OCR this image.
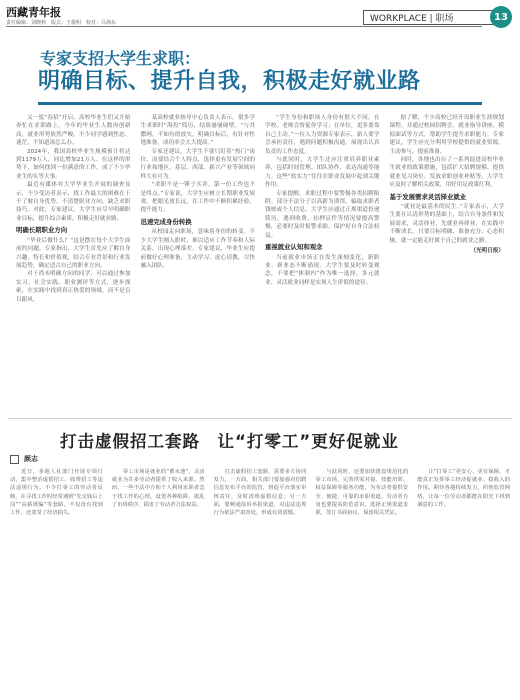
西藏青年报
责任编辑：刘晓莉　版式：王俊明　校对：吕海东	WORKPLACE | 职场	13
专家支招大学生求职：
明确目标、提升自我，积极走好就业路

又一度“春招”开启。高校毕业生们又开始奔忙在求职路上。今年的毕业生人数再创新高，就业形势依然严峻，不少同学感到焦虑、迷茫，不知道该怎么办。

2024年，我国高校毕业生规模预计将达到1179万人，同比增加21万人。在这样的形势下，如何找到一份满意的工作，成了不少毕业生的头等大事。

最近有媒体对大学毕业生开展的调查显示，不少受访者表示，找工作最大的困难在于不了解自身优势、不清楚职业方向、缺乏求职技巧。对此，专家建议，大学生应尽早明确职业目标，提升综合素质，积极走好就业路。

明确长期职业方向

“毕业后做什么？”这是摆在每个大学生面前的问题。专家指出，大学生首先应了解自身兴趣、特长和价值观，结合专业背景和行业发展趋势，确定适合自己的职业方向。

对于尚未明确方向的同学，可以通过参加实习、社会实践、职业测评等方式，逐步探索，在实践中找到真正热爱的领域，而不是盲目跟风。

某高校就业指导中心负责人表示，很多学生求职时“海投”简历，结果屡屡碰壁。“与其撒网，不如有的放矢。明确目标后，有针对性地准备，成功率会大大提高。”

专家还建议，大学生不要只盯着“热门”岗位，而要结合个人特点，选择更有发展空间的行业和地区。基层、西部、新兴产业等领域同样大有可为。

“求职不是一锤子买卖，第一份工作也不是终点。”专家说，大学生应树立长期职业发展观，把眼光放长远，在工作中不断积累经验、提升能力。

迅速完成身份转换

从校园走向职场，意味着身份的转变。不少大学生刚入职时，难以适应工作节奏和人际关系，出现心理落差。专家建议，毕业生应提前做好心理准备，主动学习、虚心请教，尽快融入团队。

“学生身份和职场人身份有很大不同。在学校，老师会督促你学习；在单位，更多要靠自己主动。”一位人力资源专家表示，新人要学会承担责任，遇到问题积极沟通，展现出认真负责的工作态度。

与此同时，大学生还应注重培养职业素养，包括时间管理、团队协作、表达沟通等能力。这些“软实力”往往在职业发展中起到关键作用。

专家提醒，求职过程中要警惕各类招聘陷阱。部分不法分子以高薪为诱饵，骗取求职者钱财或个人信息。大学生应通过正规渠道投递简历，遇到收费、扣押证件等情况要提高警惕，必要时及时报警求助，保护好自身合法权益。

重视就业认知和观念

当前就业市场正在发生深刻变化，新职业、新业态不断涌现。大学生要及时转变观念，不要把“体制内”作为唯一选择，多元就业、灵活就业同样是实现人生价值的途径。

据了解，不少高校已经开设职业生涯规划课程，并通过校园招聘会、就业指导讲座、模拟面试等方式，帮助学生提升求职能力。专家建议，学生应充分利用学校提供的就业资源，主动参与，提前准备。

同时，各地也出台了一系列促进高校毕业生就业的政策措施，包括扩大招聘规模、提供就业见习岗位、发放求职创业补贴等。大学生应及时了解相关政策，用好用足政策红利。

基于发展需求灵活择业就业

“就业是最基本的民生。”专家表示，大学生要在认清形势的基础上，结合自身条件和发展需求，灵活择业，先就业再择业，在实践中不断成长。只要目标明确、准备充分、心态积极，就一定能走好属于自己的就业之路。

（光明日报）

打击虚假招工套路　让“打零工”更好促就业
颜志

近日，多地人社部门开展专项行动，集中整治虚假招工、收费招工等违法违规行为。不少打零工的劳动者反映，在寻找工作时经常遇到“先交钱后上岗”“高薪诱骗”等套路，不仅没有找到工作，还蒙受了经济损失。

零工市场是就业的“蓄水池”，灵活就业为许多劳动者提供了收入来源。然而，一些不法中介和个人利用求职者急于找工作的心理，设置各种陷阱，扰乱了市场秩序，损害了劳动者合法权益。

打击虚假招工套路，需要多方协同发力。一方面，相关部门要加强对招聘信息发布平台的监管，督促平台落实审核责任，及时清理虚假信息；另一方面，要畅通投诉举报渠道，对违法违规行为依法严肃查处，形成有效震慑。

与此同时，还要加快建设规范化的零工市场，完善供需对接、技能培训、权益保障等服务功能，为劳动者提供安全、便捷、可靠的求职渠道。劳动者自身也要提高防范意识，选择正规渠道求职，签订书面协议，保留相关凭证。

让“打零工”更安心、更有保障，才能真正发挥零工经济促就业、稳收入的作用。期待各地持续发力，织密监管网络，让每一位劳动者都能在阳光下找到满意的工作。
